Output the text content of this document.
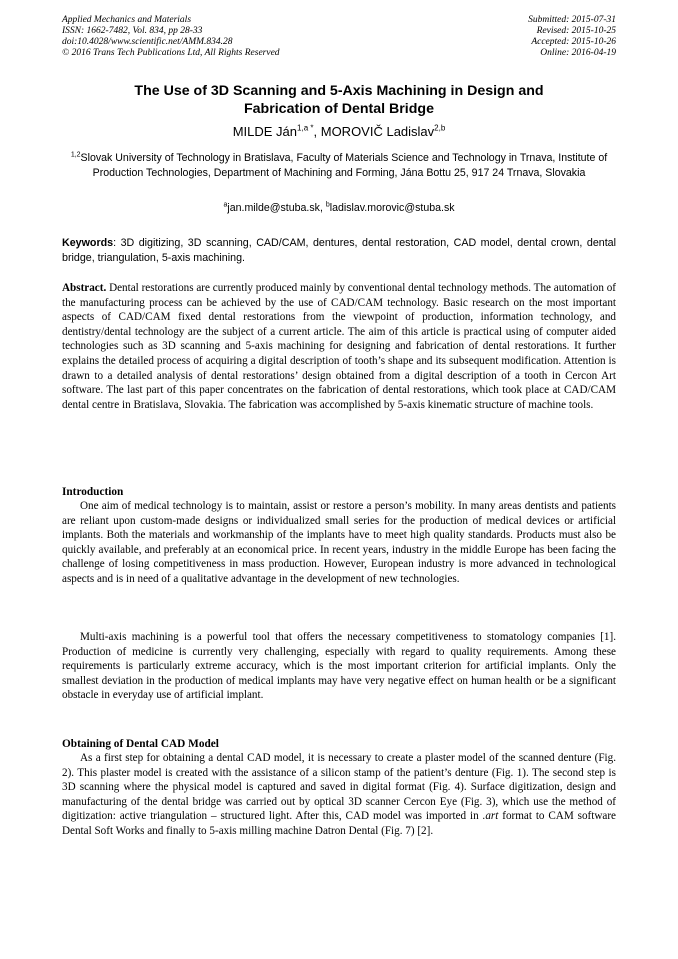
Applied Mechanics and Materials
ISSN: 1662-7482, Vol. 834, pp 28-33
doi:10.4028/www.scientific.net/AMM.834.28
© 2016 Trans Tech Publications Ltd, All Rights Reserved
Submitted: 2015-07-31
Revised: 2015-10-25
Accepted: 2015-10-26
Online: 2016-04-19
The Use of 3D Scanning and 5-Axis Machining in Design and
Fabrication of Dental Bridge
MILDE Ján$^{1,a *}$, MOROVIČ Ladislav$^{2,b}$
$^{1,2}$Slovak University of Technology in Bratislava, Faculty of Materials Science and Technology in Trnava, Institute of Production Technologies, Department of Machining and Forming, Jána Bottu 25, 917 24 Trnava, Slovakia
$^a$jan.milde@stuba.sk, $^b$ladislav.morovic@stuba.sk
Keywords: 3D digitizing, 3D scanning, CAD/CAM, dentures, dental restoration, CAD model, dental crown, dental bridge, triangulation, 5-axis machining.

Abstract. Dental restorations are currently produced mainly by conventional dental technology methods. The automation of the manufacturing process can be achieved by the use of CAD/CAM technology. Basic research on the most important aspects of CAD/CAM fixed dental restorations from the viewpoint of production, information technology, and dentistry/dental technology are the subject of a current article. The aim of this article is practical using of computer aided technologies such as 3D scanning and 5-axis machining for designing and fabrication of dental restorations. It further explains the detailed process of acquiring a digital description of tooth’s shape and its subsequent modification. Attention is drawn to a detailed analysis of dental restorations’ design obtained from a digital description of a tooth in Cercon Art software. The last part of this paper concentrates on the fabrication of dental restorations, which took place at CAD/CAM dental centre in Bratislava, Slovakia. The fabrication was accomplished by 5-axis kinematic structure of machine tools.

Introduction

One aim of medical technology is to maintain, assist or restore a person’s mobility. In many areas dentists and patients are reliant upon custom-made designs or individualized small series for the production of medical devices or artificial implants. Both the materials and workmanship of the implants have to meet high quality standards. Products must also be quickly available, and preferably at an economical price. In recent years, industry in the middle Europe has been facing the challenge of losing competitiveness in mass production. However, European industry is more advanced in technological aspects and is in need of a qualitative advantage in the development of new technologies.

Multi-axis machining is a powerful tool that offers the necessary competitiveness to stomatology companies [1]. Production of medicine is currently very challenging, especially with regard to quality requirements. Among these requirements is particularly extreme accuracy, which is the most important criterion for artificial implants. Only the smallest deviation in the production of medical implants may have very negative effect on human health or be a significant obstacle in everyday use of artificial implant.

Obtaining of Dental CAD Model

As a first step for obtaining a dental CAD model, it is necessary to create a plaster model of the scanned denture (Fig. 2). This plaster model is created with the assistance of a silicon stamp of the patient’s denture (Fig. 1). The second step is 3D scanning where the physical model is captured and saved in digital format (Fig. 4). Surface digitization, design and manufacturing of the dental bridge was carried out by optical 3D scanner Cercon Eye (Fig. 3), which use the method of digitization: active triangulation – structured light. After this, CAD model was imported in .art format to CAM software Dental Soft Works and finally to 5-axis milling machine Datron Dental (Fig. 7) [2].
